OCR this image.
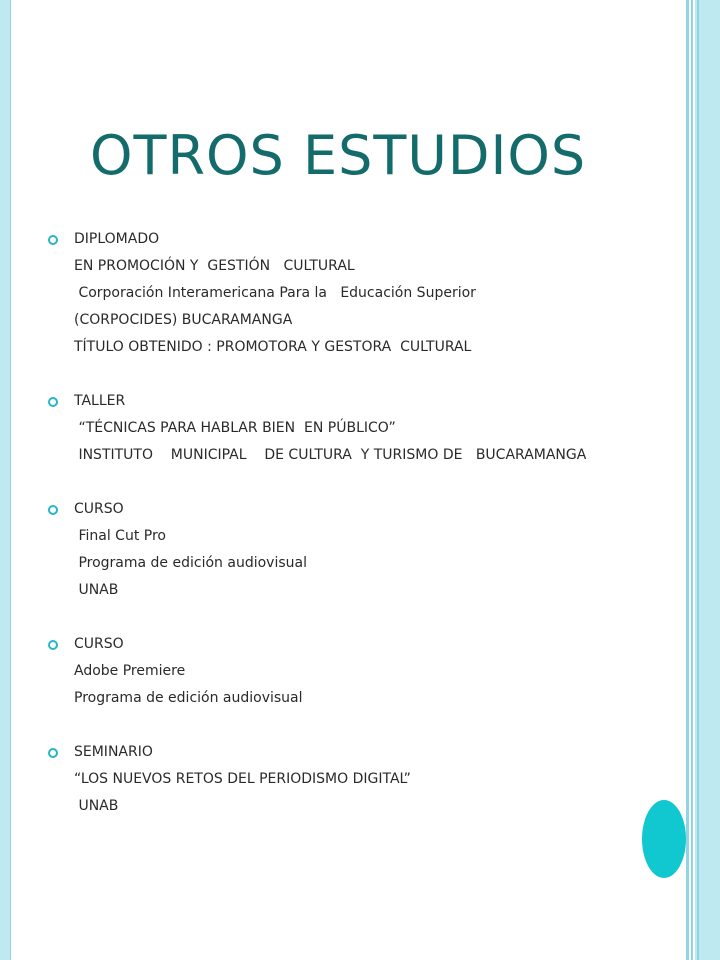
OTROS ESTUDIOS

DIPLOMADO

EN PROMOCIÓN Y  GESTIÓN   CULTURAL

Corporación Interamericana Para la   Educación Superior

(CORPOCIDES) BUCARAMANGA

TÍTULO OBTENIDO : PROMOTORA Y GESTORA  CULTURAL

TALLER

“TÉCNICAS PARA HABLAR BIEN  EN PÚBLICO”

INSTITUTO    MUNICIPAL    DE CULTURA  Y TURISMO DE   BUCARAMANGA

CURSO

Final Cut Pro

Programa de edición audiovisual

UNAB

CURSO

Adobe Premiere

Programa de edición audiovisual

SEMINARIO

“LOS NUEVOS RETOS DEL PERIODISMO DIGITAL”

UNAB
